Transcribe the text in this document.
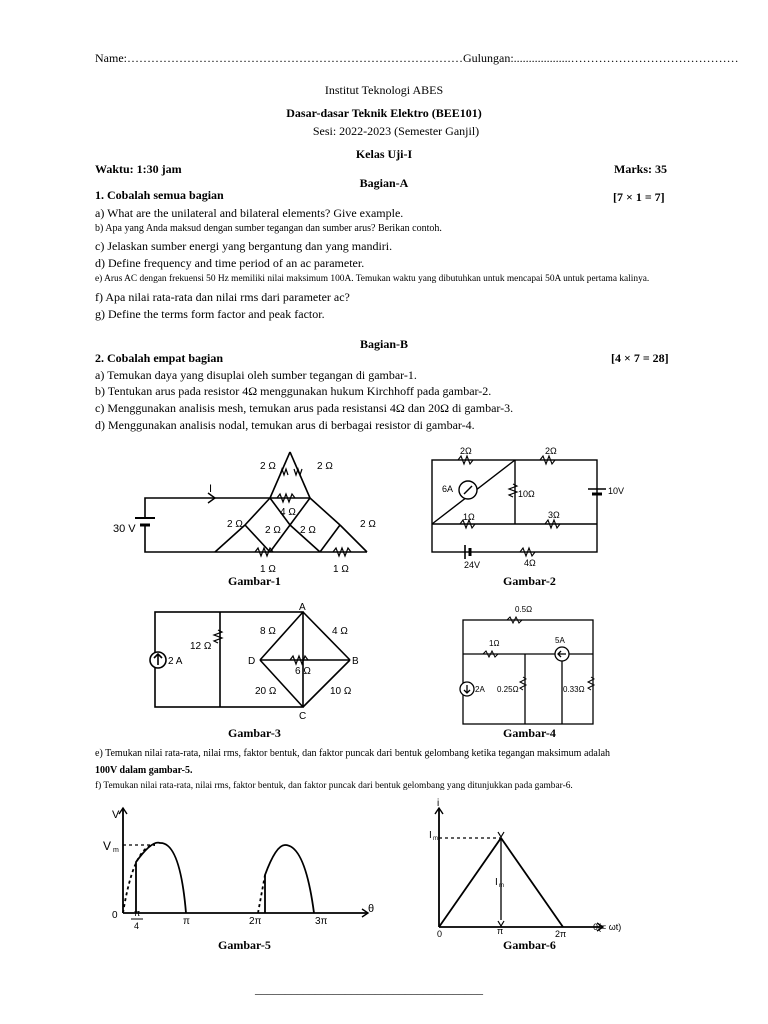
Name:…………………………………………………………………………Gulungan:...................……………………………………
Institut Teknologi ABES
Dasar-dasar Teknik Elektro (BEE101)
Sesi: 2022-2023 (Semester Ganjil)
Kelas Uji-I
Waktu: 1:30 jam	Marks: 35
Bagian-A
1. Cobalah semua bagian	[7 × 1 = 7]
a) What are the unilateral and bilateral elements? Give example.
b) Apa yang Anda maksud dengan sumber tegangan dan sumber arus? Berikan contoh.
c) Jelaskan sumber energi yang bergantung dan yang mandiri.
d) Define frequency and time period of an ac parameter.
e) Arus AC dengan frekuensi 50 Hz memiliki nilai maksimum 100A. Temukan waktu yang dibutuhkan untuk mencapai 50A untuk pertama kalinya.
f) Apa nilai rata-rata dan nilai rms dari parameter ac?
g) Define the terms form factor and peak factor.
Bagian-B
2. Cobalah empat bagian	[4 × 7 = 28]
a) Temukan daya yang disuplai oleh sumber tegangan di gambar-1.
b) Tentukan arus pada resistor 4Ω menggunakan hukum Kirchhoff pada gambar-2.
c) Menggunakan analisis mesh, temukan arus pada resistansi 4Ω dan 20Ω di gambar-3.
d) Menggunakan analisis nodal, temukan arus di berbagai resistor di gambar-4.
30 V
I
2 Ω	2 Ω
4 Ω
2 Ω
2 Ω 2 Ω
2 Ω
1 Ω	1 Ω
Gambar-1
2Ω	2Ω
6A	10Ω	10V
1Ω	3Ω
24V	4Ω
Gambar-2
12 Ω
2 A
8 Ω	4 Ω
6 Ω
20 Ω	10 Ω
A
B
C
D
Gambar-3
0.5Ω
1Ω	5A
2A 0.25Ω	0.33Ω
Gambar-4
e) Temukan nilai rata-rata, nilai rms, faktor bentuk, dan faktor puncak dari bentuk gelombang ketika tegangan maksimum adalah
100V dalam gambar-5.
f) Temukan nilai rata-rata, nilai rms, faktor bentuk, dan faktor puncak dari bentuk gelombang yang ditunjukkan pada gambar-6.
V
V m
0 π
4	π	2π	3π
θ
Gambar-5
i
I m
I m
0	π	2π
θ(= ωt)
Gambar-6
______________________________________
